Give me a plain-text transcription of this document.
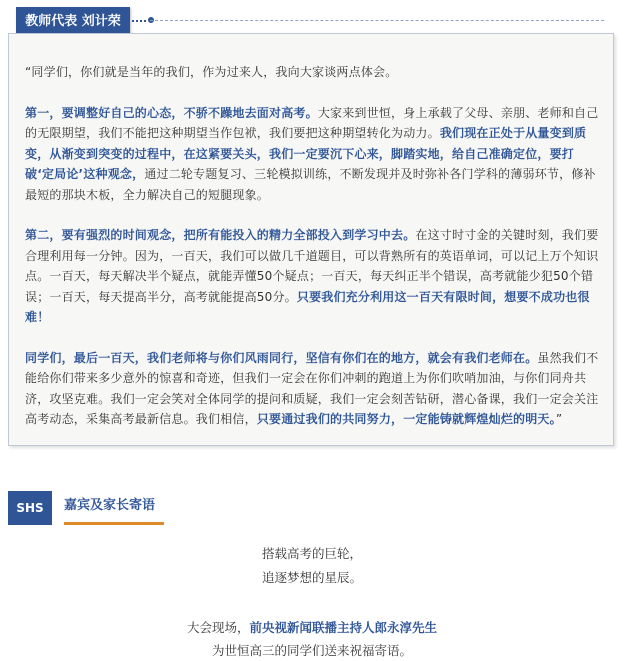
教师代表 刘计荣

“同学们，你们就是当年的我们，作为过来人，我向大家谈两点体会。

第一，要调整好自己的心态，不骄不躁地去面对高考。大家来到世恒，身上承载了父母、亲朋、老师和自己的无限期望，我们不能把这种期望当作包袱，我们要把这种期望转化为动力。我们现在正处于从量变到质变，从渐变到突变的过程中，在这紧要关头，我们一定要沉下心来，脚踏实地，给自己准确定位，要打破‘定局论’这种观念，通过二轮专题复习、三轮模拟训练，不断发现并及时弥补各门学科的薄弱环节，修补最短的那块木板，全力解决自己的短腿现象。

第二，要有强烈的时间观念，把所有能投入的精力全部投入到学习中去。在这寸时寸金的关键时刻，我们要合理利用每一分钟。因为，一百天，我们可以做几千道题目，可以背熟所有的英语单词，可以记上万个知识点。一百天，每天解决半个疑点，就能弄懂50个疑点；一百天，每天纠正半个错误，高考就能少犯50个错误；一百天，每天提高半分，高考就能提高50分。只要我们充分利用这一百天有限时间，想要不成功也很难！

同学们，最后一百天，我们老师将与你们风雨同行，坚信有你们在的地方，就会有我们老师在。虽然我们不能给你们带来多少意外的惊喜和奇迹，但我们一定会在你们冲刺的跑道上为你们吹哨加油，与你们同舟共济，攻坚克难。我们一定会笑对全体同学的提问和质疑，我们一定会刻苦钻研，潜心备课，我们一定会关注高考动态，采集高考最新信息。我们相信，只要通过我们的共同努力，一定能铸就辉煌灿烂的明天。”

SHS	嘉宾及家长寄语
搭载高考的巨轮，
追逐梦想的星辰。
大会现场，前央视新闻联播主持人郎永淳先生
为世恒高三的同学们送来祝福寄语。
